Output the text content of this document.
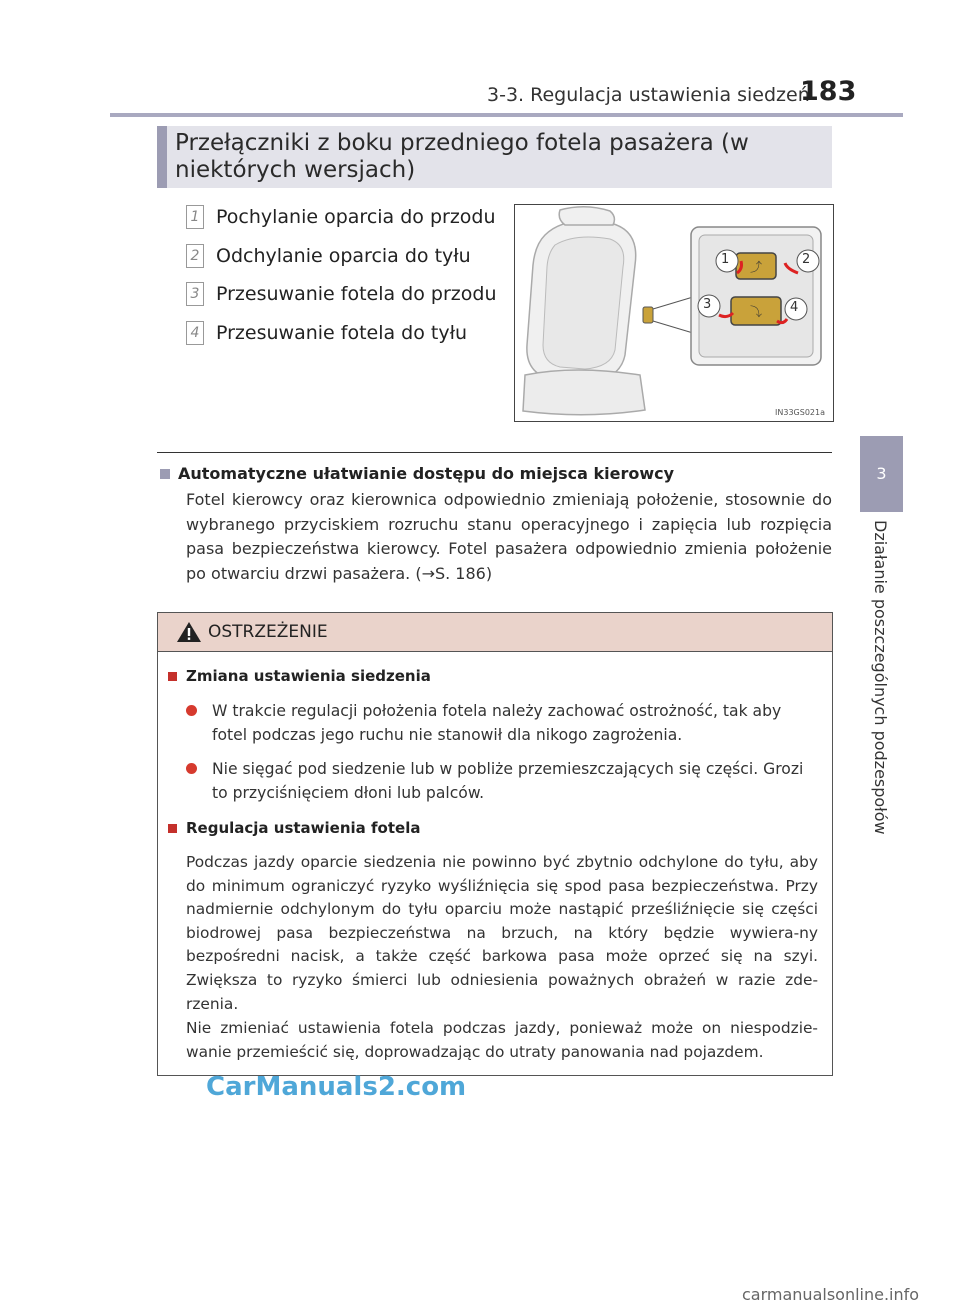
3-3. Regulacja ustawienia siedzeń
183
3
Działanie poszczególnych podzespołów
Przełączniki z boku przedniego fotela pasażera (w niektórych wersjach)
1 Pochylanie oparcia do przodu
2 Odchylanie oparcia do tyłu
3 Przesuwanie fotela do przodu
4 Przesuwanie fotela do tyłu
⤴
⤵
1	2
3	4
IN33GS021a
Automatyczne ułatwianie dostępu do miejsca kierowcy
Fotel kierowcy oraz kierownica odpowiednio zmieniają położenie, stosownie do wybranego przyciskiem rozruchu stanu operacyjnego i zapięcia lub rozpięcia pasa bezpieczeństwa kierowcy. Fotel pasażera odpowiednio zmienia położenie po otwarciu drzwi pasażera. (→S. 186)
OSTRZEŻENIE
Zmiana ustawienia siedzenia
W trakcie regulacji położenia fotela należy zachować ostrożność, tak aby fotel podczas jego ruchu nie stanowił dla nikogo zagrożenia.
Nie sięgać pod siedzenie lub w pobliże przemieszczających się części. Grozi to przyciśnięciem dłoni lub palców.
Regulacja ustawienia fotela
Podczas jazdy oparcie siedzenia nie powinno być zbytnio odchylone do tyłu, aby do minimum ograniczyć ryzyko wyśliźnięcia się spod pasa bezpieczeństwa. Przy nadmiernie odchylonym do tyłu oparciu może nastąpić prześliźnięcie się części biodrowej pasa bezpieczeństwa na brzuch, na który będzie wywiera-ny bezpośredni nacisk, a także część barkowa pasa może oprzeć się na szyi. Zwiększa to ryzyko śmierci lub odniesienia poważnych obrażeń w razie zde-rzenia.
Nie zmieniać ustawienia fotela podczas jazdy, ponieważ może on niespodzie-wanie przemieścić się, doprowadzając do utraty panowania nad pojazdem.
CarManuals2.com
carmanualsonline.info
